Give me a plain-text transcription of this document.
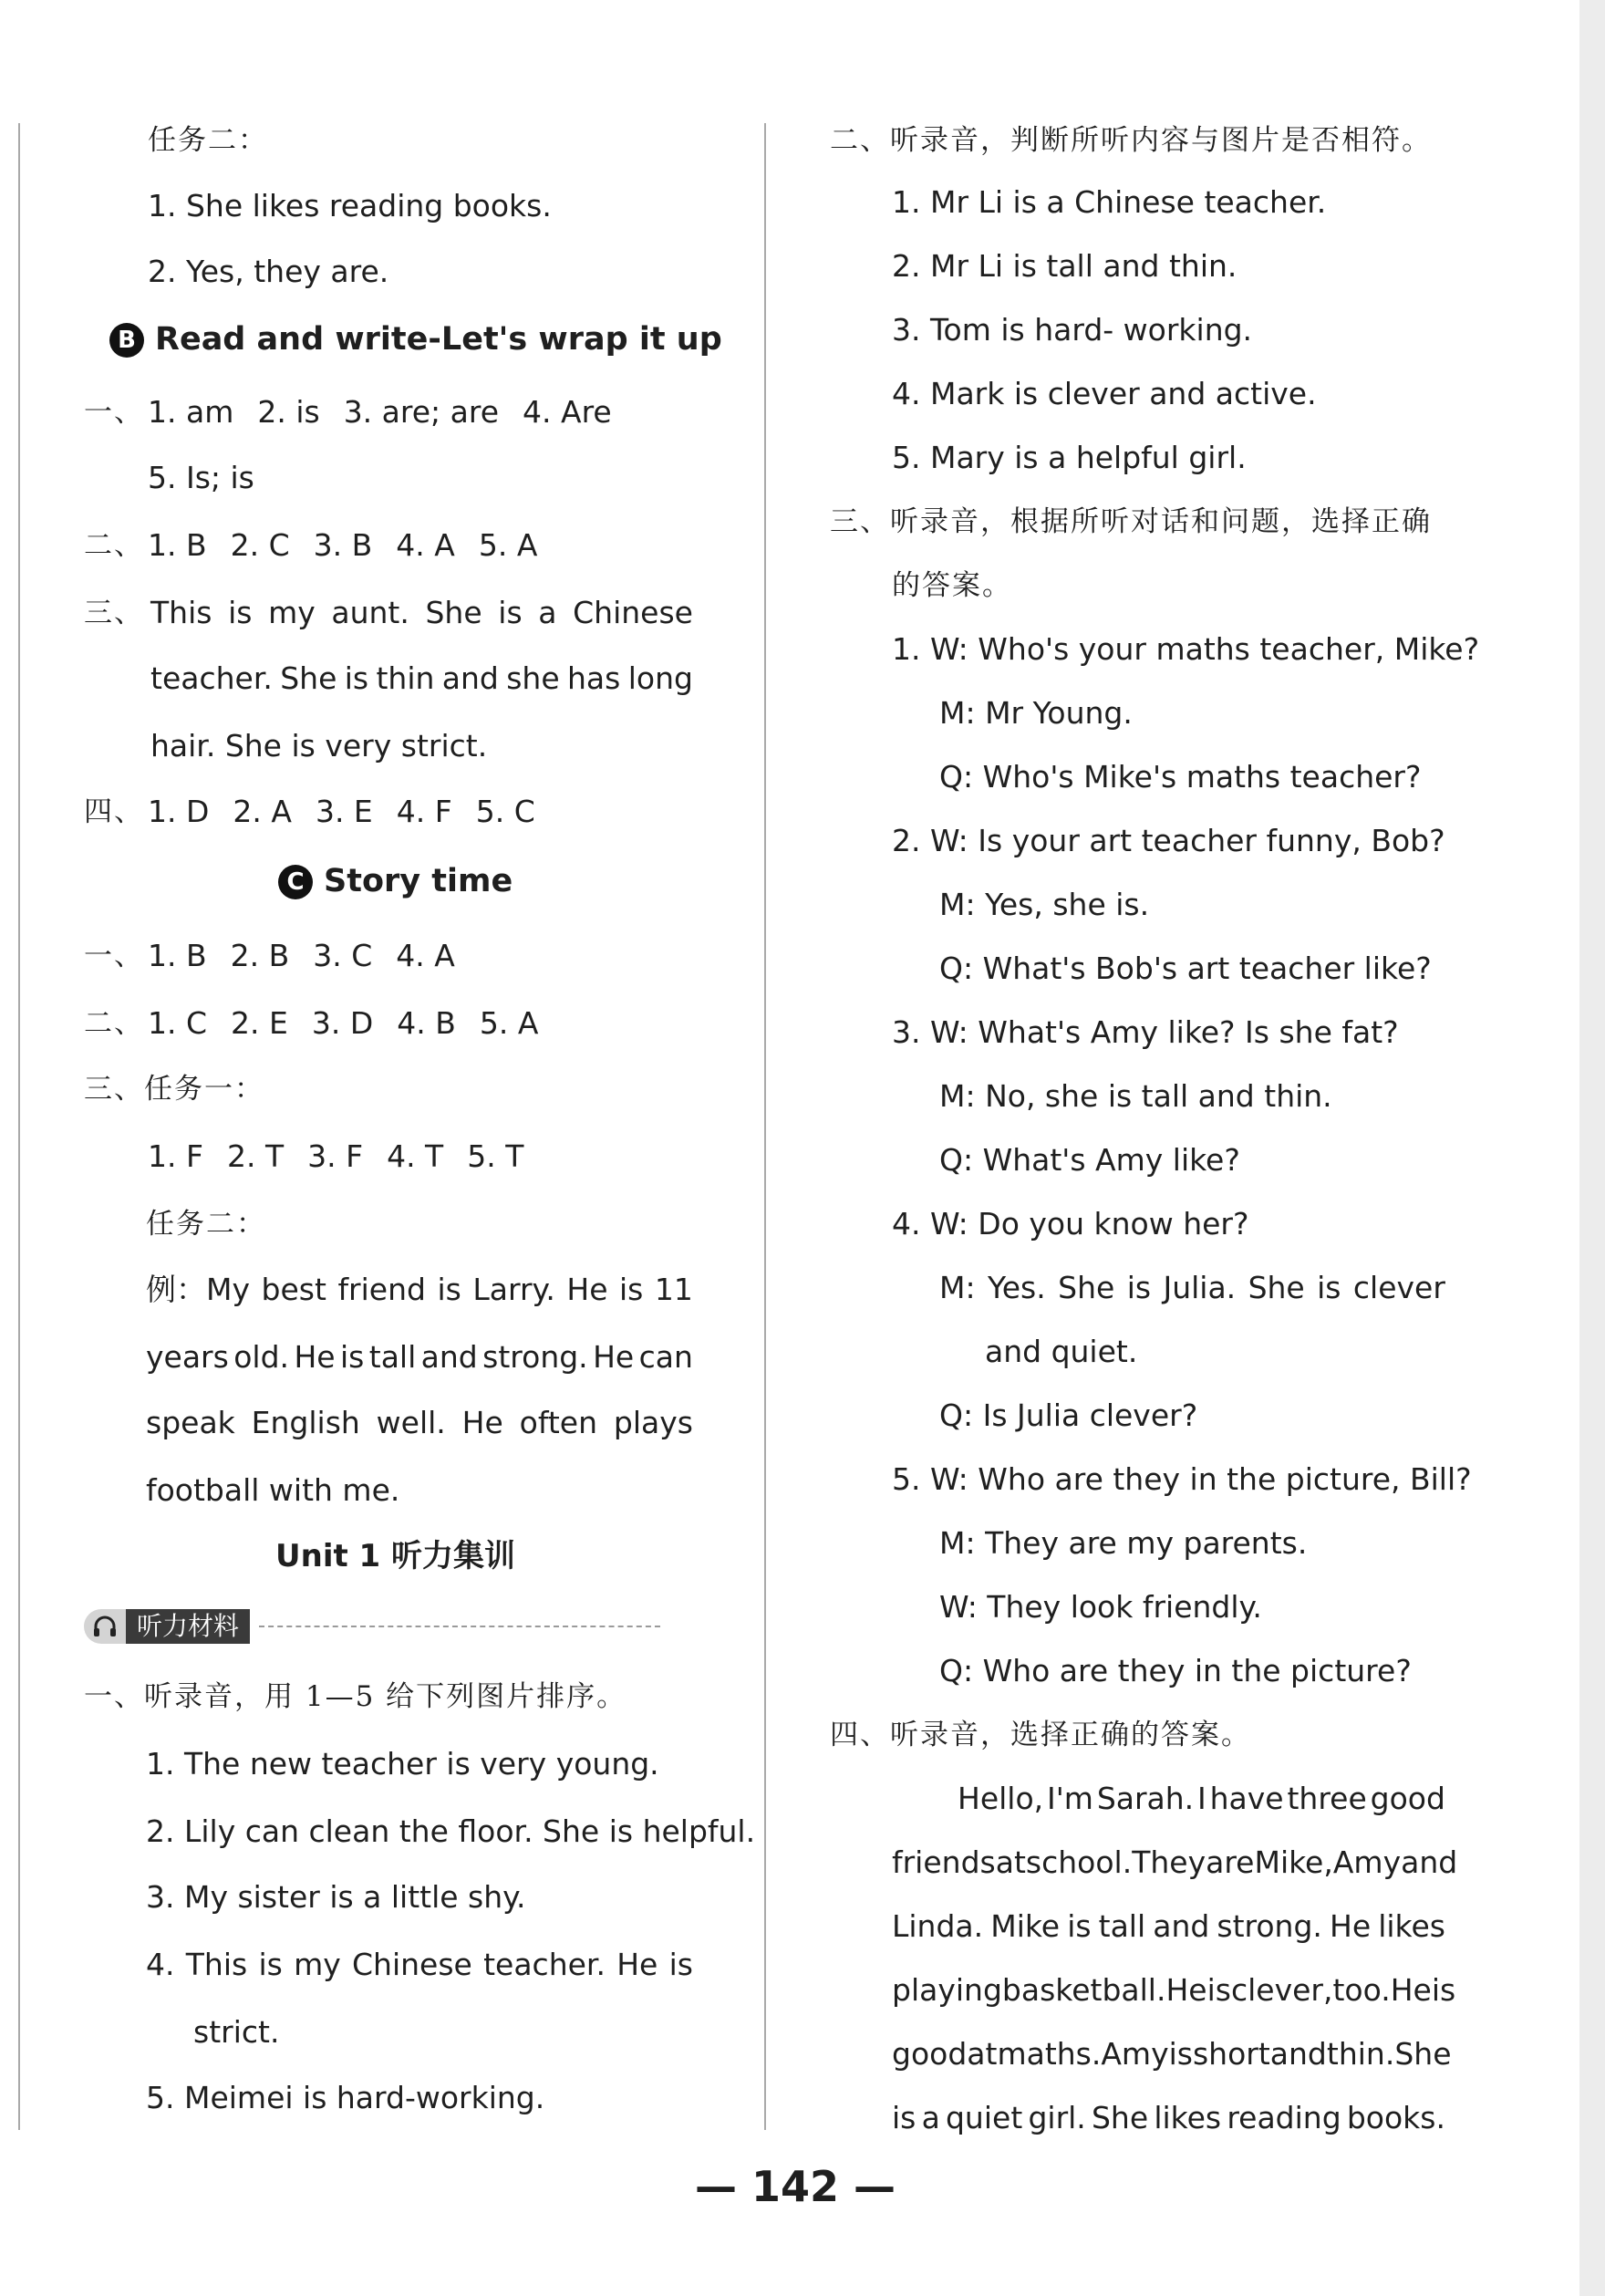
任务二：
1. She likes reading books.
2. Yes, they are.
B Read and write-Let's wrap it up
一、 1. am 2. is 3. are; are 4. Are
5. Is; is
二、 1. B 2. C 3. B 4. A 5. A
三、 This is my aunt. She is a Chinese
teacher. She is thin and she has long
hair. She is very strict.
四、 1. D 2. A 3. E 4. F 5. C
C Story time
一、 1. B 2. B 3. C 4. A
二、 1. C 2. E 3. D 4. B 5. A
三、任务一：
1. F 2. T 3. F 4. T 5. T
任务二：
例：My best friend is Larry. He is 11
years old. He is tall and strong. He can
speak English well. He often plays
football with me.
Unit 1 听力集训
听力材料
一、听录音，用 1—5 给下列图片排序。
1. The new teacher is very young.
2. Lily can clean the floor. She is helpful.
3. My sister is a little shy.
4. This is my Chinese teacher. He is
strict.
5. Meimei is hard-working.
二、听录音，判断所听内容与图片是否相符。
1. Mr Li is a Chinese teacher.
2. Mr Li is tall and thin.
3. Tom is hard- working.
4. Mark is clever and active.
5. Mary is a helpful girl.
三、听录音，根据所听对话和问题，选择正确
的答案。
1. W: Who's your maths teacher, Mike?
M: Mr Young.
Q: Who's Mike's maths teacher?
2. W: Is your art teacher funny, Bob?
M: Yes, she is.
Q: What's Bob's art teacher like?
3. W: What's Amy like? Is she fat?
M: No, she is tall and thin.
Q: What's Amy like?
4. W: Do you know her?
M: Yes. She is Julia. She is clever
and quiet.
Q: Is Julia clever?
5. W: Who are they in the picture, Bill?
M: They are my parents.
W: They look friendly.
Q: Who are they in the picture?
四、听录音，选择正确的答案。
Hello, I'm Sarah. I have three good
friends at school. They are Mike, Amy and
Linda. Mike is tall and strong. He likes
playing basketball. He is clever, too. He is
good at maths. Amy is short and thin. She
is a quiet girl. She likes reading books.
— 142 —
